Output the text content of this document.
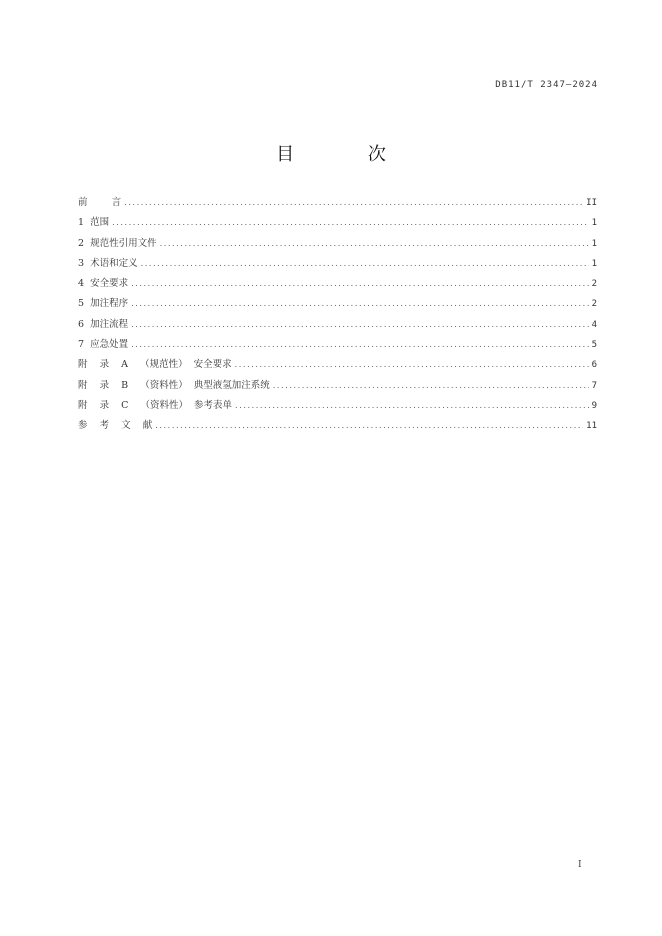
DB11/T 2347—2024
目 次
前        言 .....	II
1  范围 .....	1
2  规范性引用文件 .....	1
3  术语和定义 .....	1
4  安全要求 .....	2
5  加注程序 .....	2
6  加注流程 .....	4
7  应急处置 .....	5
附    录    A    （规范性）  安全要求 .....	6
附    录    B    （资料性）  典型液氢加注系统 .....	7
附    录    C    （资料性）  参考表单 .....	9
参    考    文    献 .....	11
I
